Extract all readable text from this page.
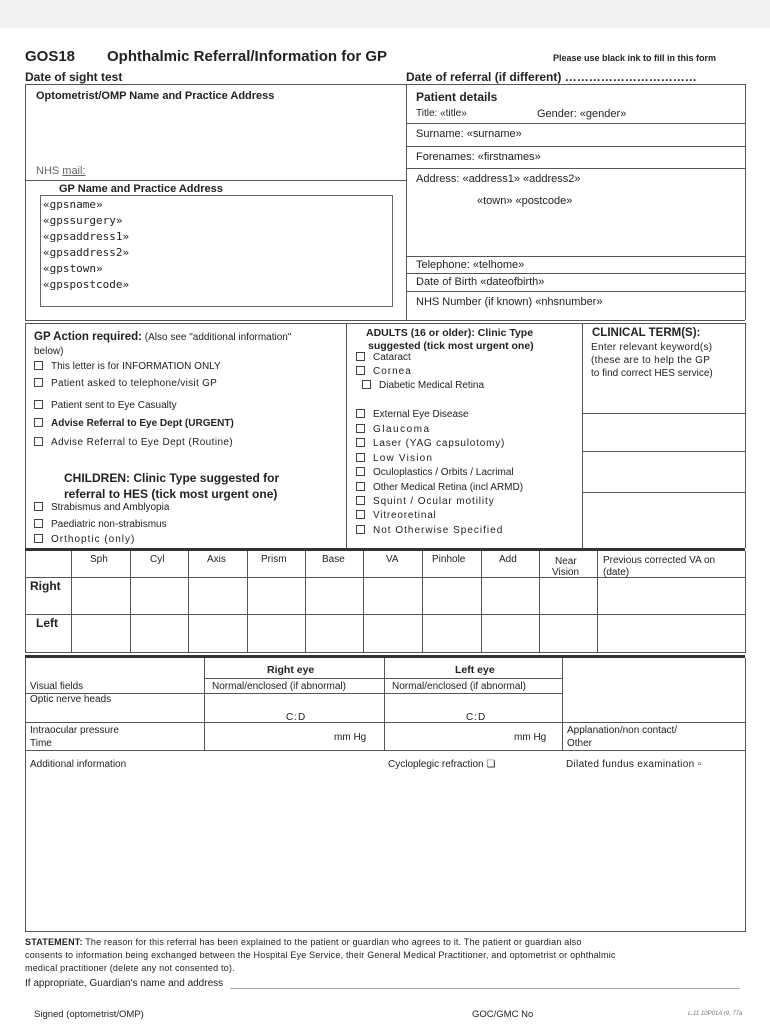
GOS18 Ophthalmic Referral/Information for GP	Please use black ink to fill in this form
Date of sight test	Date of referral (if different) ……………………………
Optometrist/OMP Name and Practice Address
NHS mail:
GP Name and Practice Address
«gpsname»
«gpssurgery»
«gpsaddress1»
«gpsaddress2»
«gpstown»
«gpspostcode»
Patient details
Title: «title»	Gender: «gender»
Surname: «surname»
Forenames: «firstnames»
Address: «address1» «address2»
«town» «postcode»
Telephone: «telhome»
Date of Birth «dateofbirth»
NHS Number (if known) «nhsnumber»
GP Action required: (Also see "additional information"
below)
This letter is for INFORMATION ONLY
Patient asked to telephone/visit GP
Patient sent to Eye Casualty
Advise Referral to Eye Dept (URGENT)
Advise Referral to Eye Dept (Routine)
CHILDREN: Clinic Type suggested for
referral to HES (tick most urgent one)
Strabismus and Amblyopia
Paediatric non-strabismus
Orthoptic (only)
ADULTS (16 or older): Clinic Type
suggested (tick most urgent one)
Cataract
Cornea
Diabetic Medical Retina
External Eye Disease
Glaucoma
Laser (YAG capsulotomy)
Low Vision
Oculoplastics / Orbits / Lacrimal
Other Medical Retina (incl ARMD)
Squint / Ocular motility
Vitreoretinal
Not Otherwise Specified
CLINICAL TERM(S):
Enter relevant keyword(s)
(these are to help the GP
to find correct HES service)
Sph	Cyl	Axis	Prism	Base	VA	Pinhole	Add	Near
Vision
Previous corrected VA on
(date)
Right
Left
Right eye	Left eye
Visual fields	Normal/enclosed (if abnormal)	Normal/enclosed (if abnormal)
Optic nerve heads
C:D	C:D
Intraocular pressure
Time
mm Hg	mm Hg
Applanation/non contact/
Other
Additional information	Cycloplegic refraction ❏	Dilated fundus examination ▫
STATEMENT: The reason for this referral has been explained to the patient or guardian who agrees to it. The patient or guardian also
consents to information being exchanged between the Hospital Eye Service, their General Medical Practitioner, and optometrist or ophthalmic
medical practitioner (delete any not consented to).
If appropriate, Guardian's name and address
Signed (optometrist/OMP)	GOC/GMC No	L.11 10P01A r9, 77a
